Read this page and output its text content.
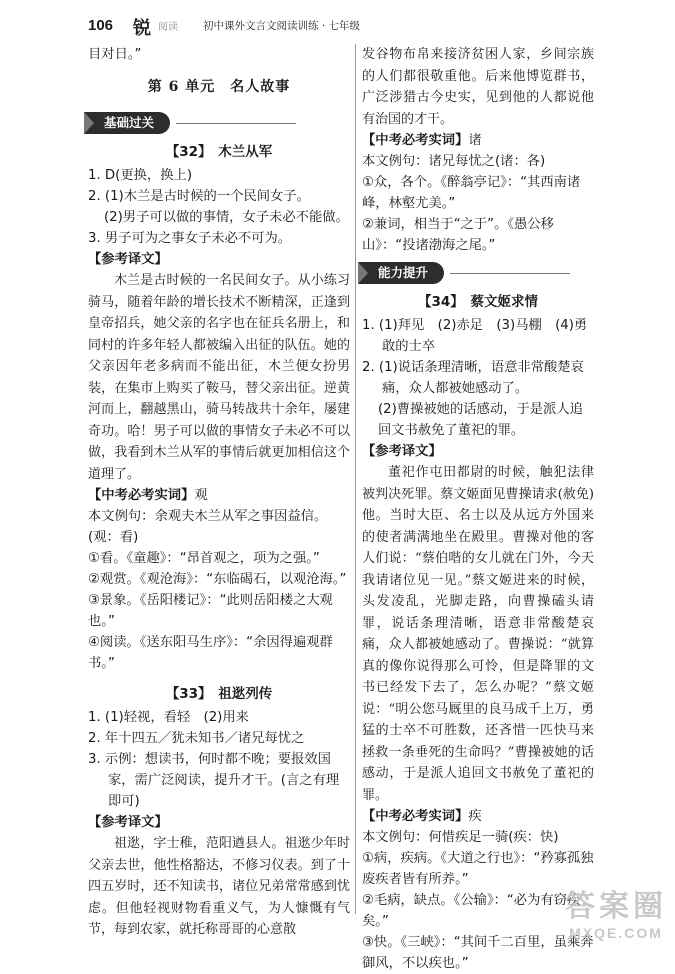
106 锐 阅读 初中课外文言文阅读训练 · 七年级

目对日。”

第 6 单元　名人故事
基础过关
【32】　木兰从军

1. D(更换，换上)

2. (1)木兰是古时候的一个民间女子。

(2)男子可以做的事情，女子未必不能做。

3. 男子可为之事女子未必不可为。

【参考译文】

木兰是古时候的一名民间女子。从小练习骑马，随着年龄的增长技术不断精深，正逢到皇帝招兵，她父亲的名字也在征兵名册上，和同村的许多年轻人都被编入出征的队伍。她的父亲因年老多病而不能出征，木兰便女扮男装，在集市上购买了鞍马，替父亲出征。逆黄河而上，翻越黑山，骑马转战共十余年，屡建奇功。哈！男子可以做的事情女子未必不可以做，我看到木兰从军的事情后就更加相信这个道理了。

【中考必考实词】观

本文例句：余观夫木兰从军之事因益信。(观：看)

①看。《童趣》：“昂首观之，项为之强。”

②观赏。《观沧海》：“东临碣石，以观沧海。”

③景象。《岳阳楼记》：“此则岳阳楼之大观也。”

④阅读。《送东阳马生序》：“余因得遍观群书。”

【33】　祖逖列传

1. (1)轻视，看轻　(2)用来

2. 年十四五／犹未知书／诸兄每忧之

3. 示例：想读书，何时都不晚；要报效国家，需广泛阅读，提升才干。(言之有理即可)

【参考译文】

祖逖，字士稚，范阳遒县人。祖逖少年时父亲去世，他性格豁达，不修习仪表。到了十四五岁时，还不知读书，诸位兄弟常常感到忧虑。但他轻视财物看重义气，为人慷慨有气节，每到农家，就托称哥哥的心意散

发谷物布帛来接济贫困人家，乡间宗族的人们都很敬重他。后来他博览群书，广泛涉猎古今史实，见到他的人都说他有治国的才干。

【中考必考实词】诸

本文例句：诸兄每忧之(诸：各)

①众，各个。《醉翁亭记》：“其西南诸峰，林壑尤美。”

②兼词，相当于“之于”。《愚公移山》：“投诸渤海之尾。”

能力提升
【34】　蔡文姬求情

1. (1)拜见　(2)赤足　(3)马棚　(4)勇敢的士卒

2. (1)说话条理清晰，语意非常酸楚哀痛，众人都被她感动了。

(2)曹操被她的话感动，于是派人追回文书赦免了董祀的罪。

【参考译文】

董祀作屯田都尉的时候，触犯法律被判决死罪。蔡文姬面见曹操请求(赦免)他。当时大臣、名士以及从远方外国来的使者满满地坐在殿里。曹操对他的客人们说：“蔡伯喈的女儿就在门外，今天我请诸位见一见。”蔡文姬进来的时候，头发凌乱，光脚走路，向曹操磕头请罪，说话条理清晰，语意非常酸楚哀痛，众人都被她感动了。曹操说：“就算真的像你说得那么可怜，但是降罪的文书已经发下去了，怎么办呢？”蔡文姬说：“明公您马厩里的良马成千上万，勇猛的士卒不可胜数，还吝惜一匹快马来拯救一条垂死的生命吗？”曹操被她的话感动，于是派人追回文书赦免了董祀的罪。

【中考必考实词】疾

本文例句：何惜疾足一骑(疾：快)

①病，疾病。《大道之行也》：“矜寡孤独废疾者皆有所养。”

②毛病，缺点。《公输》：“必为有窃疾矣。”

③快。《三峡》：“其间千二百里，虽乘奔御风，不以疾也。”

答案圈
MXQE.COM
